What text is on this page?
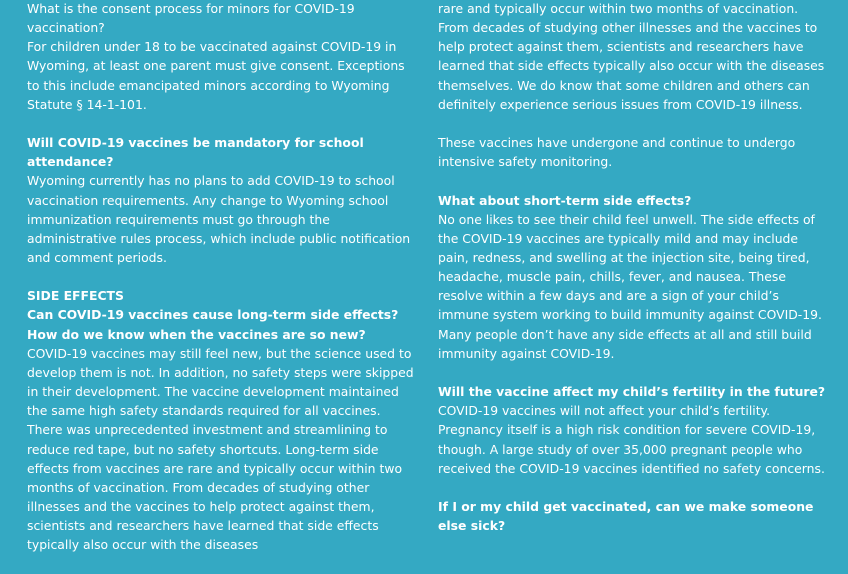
What is the consent process for minors for COVID-19 vaccination?
For children under 18 to be vaccinated against COVID-19 in Wyoming, at least one parent must give consent. Exceptions to this include emancipated minors according to Wyoming Statute § 14-1-101.
Will COVID-19 vaccines be mandatory for school attendance?
Wyoming currently has no plans to add COVID-19 to school vaccination requirements. Any change to Wyoming school immunization requirements must go through the administrative rules process, which include public notification and comment periods.
SIDE EFFECTS
Can COVID-19 vaccines cause long-term side effects? How do we know when the vaccines are so new?
COVID-19 vaccines may still feel new, but the science used to develop them is not. In addition, no safety steps were skipped in their development. The vaccine development maintained the same high safety standards required for all vaccines. There was unprecedented investment and streamlining to reduce red tape, but no safety shortcuts. Long-term side effects from vaccines are rare and typically occur within two months of vaccination. From decades of studying other illnesses and the vaccines to help protect against them, scientists and researchers have learned that side effects typically also occur with the diseases
rare and typically occur within two months of vaccination. From decades of studying other illnesses and the vaccines to help protect against them, scientists and researchers have learned that side effects typically also occur with the diseases themselves. We do know that some children and others can definitely experience serious issues from COVID-19 illness.
These vaccines have undergone and continue to undergo intensive safety monitoring.
What about short-term side effects?
No one likes to see their child feel unwell. The side effects of the COVID-19 vaccines are typically mild and may include pain, redness, and swelling at the injection site, being tired, headache, muscle pain, chills, fever, and nausea. These resolve within a few days and are a sign of your child’s immune system working to build immunity against COVID-19. Many people don’t have any side effects at all and still build immunity against COVID-19.
Will the vaccine affect my child’s fertility in the future?
COVID-19 vaccines will not affect your child’s fertility. Pregnancy itself is a high risk condition for severe COVID-19, though. A large study of over 35,000 pregnant people who received the COVID-19 vaccines identified no safety concerns.
If I or my child get vaccinated, can we make someone else sick?
